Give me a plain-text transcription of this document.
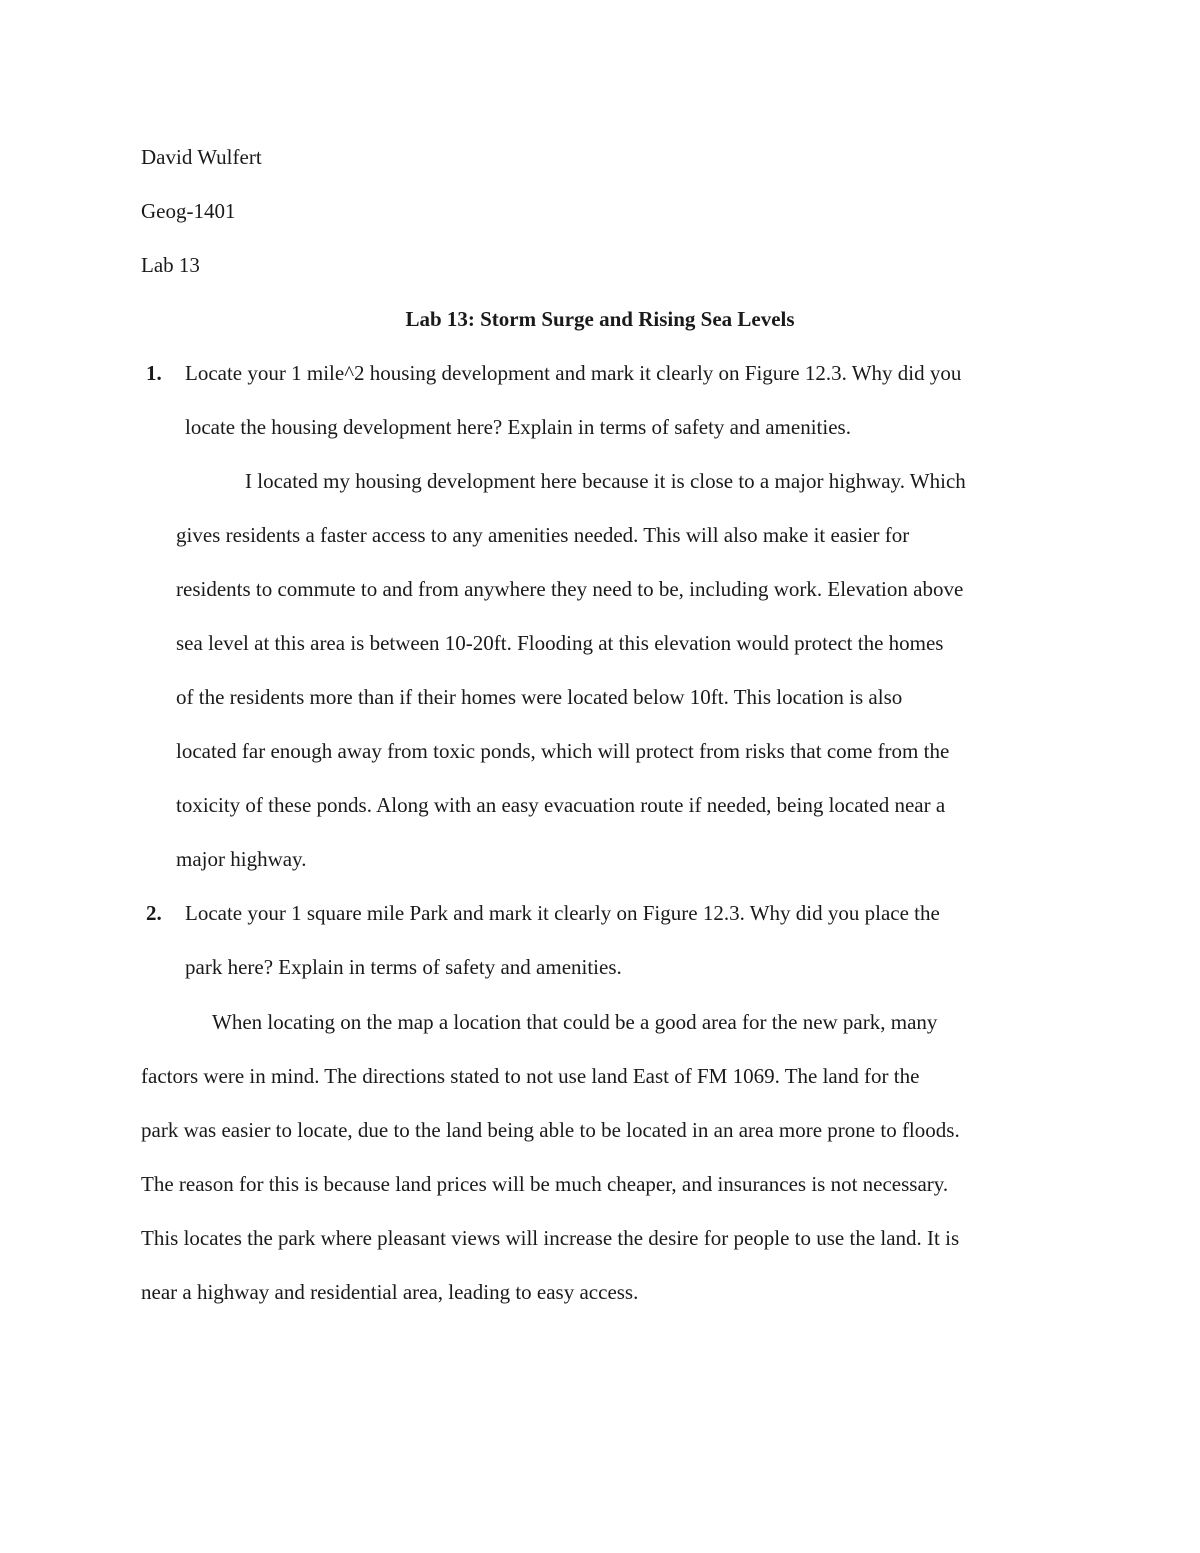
David Wulfert
Geog-1401
Lab 13
Lab 13: Storm Surge and Rising Sea Levels
1. Locate your 1 mile^2 housing development and mark it clearly on Figure 12.3. Why did you
locate the housing development here? Explain in terms of safety and amenities.
I located my housing development here because it is close to a major highway. Which
gives residents a faster access to any amenities needed. This will also make it easier for
residents to commute to and from anywhere they need to be, including work. Elevation above
sea level at this area is between 10-20ft. Flooding at this elevation would protect the homes
of the residents more than if their homes were located below 10ft. This location is also
located far enough away from toxic ponds, which will protect from risks that come from the
toxicity of these ponds. Along with an easy evacuation route if needed, being located near a
major highway.
2. Locate your 1 square mile Park and mark it clearly on Figure 12.3. Why did you place the
park here? Explain in terms of safety and amenities.
When locating on the map a location that could be a good area for the new park, many
factors were in mind. The directions stated to not use land East of FM 1069. The land for the
park was easier to locate, due to the land being able to be located in an area more prone to floods.
The reason for this is because land prices will be much cheaper, and insurances is not necessary.
This locates the park where pleasant views will increase the desire for people to use the land. It is
near a highway and residential area, leading to easy access.
